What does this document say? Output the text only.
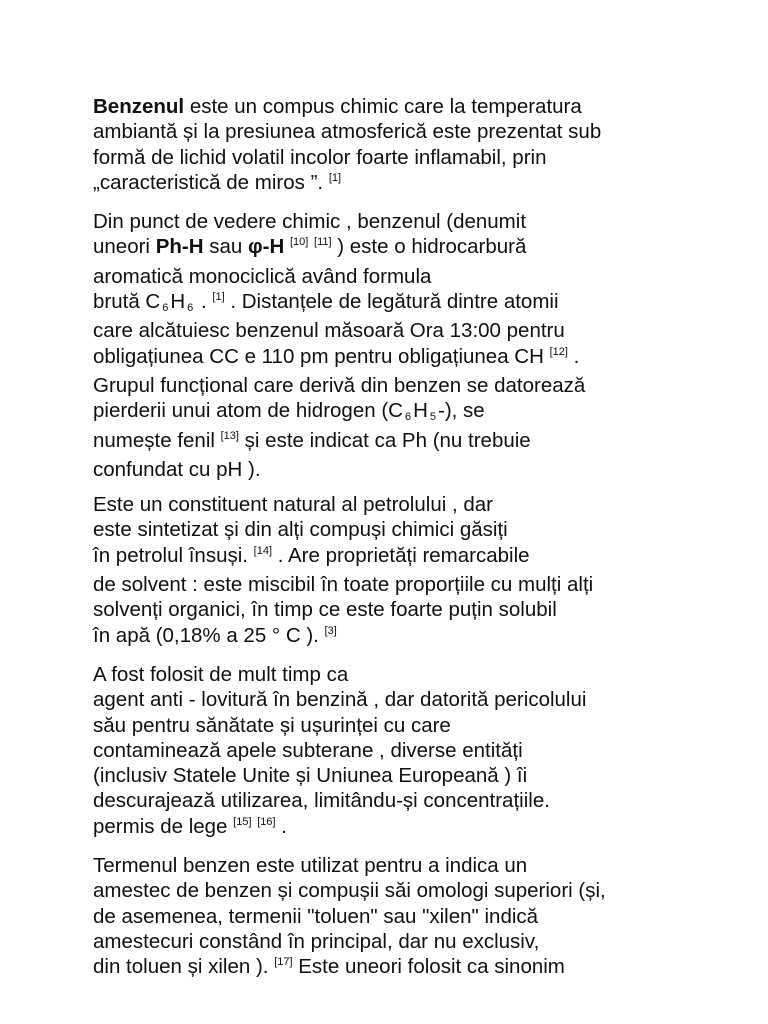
Benzenul este un compus chimic care la temperatura
ambiantă și la presiunea atmosferică este prezentat sub
formă de lichid volatil incolor foarte inflamabil, prin
„caracteristică de miros ”. [1]

Din punct de vedere chimic , benzenul (denumit
uneori Ph-H sau φ-H [10] [11] ) este o hidrocarbură
aromatică monociclică având formula
brută C $_6$H $_6$ . [1] . Distanțele de legătură dintre atomii
care alcătuiesc benzenul măsoară Ora 13:00 pentru
obligațiunea CC e 110 pm pentru obligațiunea CH [12] .
Grupul funcțional care derivă din benzen se datorează
pierderii unui atom de hidrogen (C $_6$H $_5$-), se
numește fenil [13] și este indicat ca Ph (nu trebuie
confundat cu pH ).

Este un constituent natural al petrolului , dar
este sintetizat și din alți compuși chimici găsiți
în petrolul însuși. [14] . Are proprietăți remarcabile
de solvent : este miscibil în toate proporțiile cu mulți alți
solvenți organici, în timp ce este foarte puțin solubil
în apă (0,18% a 25 ° C ). [3]

A fost folosit de mult timp ca
agent anti - lovitură în benzină , dar datorită pericolului
său pentru sănătate și ușurinței cu care
contaminează apele subterane , diverse entități
(inclusiv Statele Unite și Uniunea Europeană ) îi
descurajează utilizarea, limitându-și concentrațiile.
permis de lege [15] [16] .

Termenul benzen este utilizat pentru a indica un
amestec de benzen și compușii săi omologi superiori (și,
de asemenea, termenii "toluen" sau "xilen" indică
amestecuri constând în principal, dar nu exclusiv,
din toluen și xilen ). [17] Este uneori folosit ca sinonim
